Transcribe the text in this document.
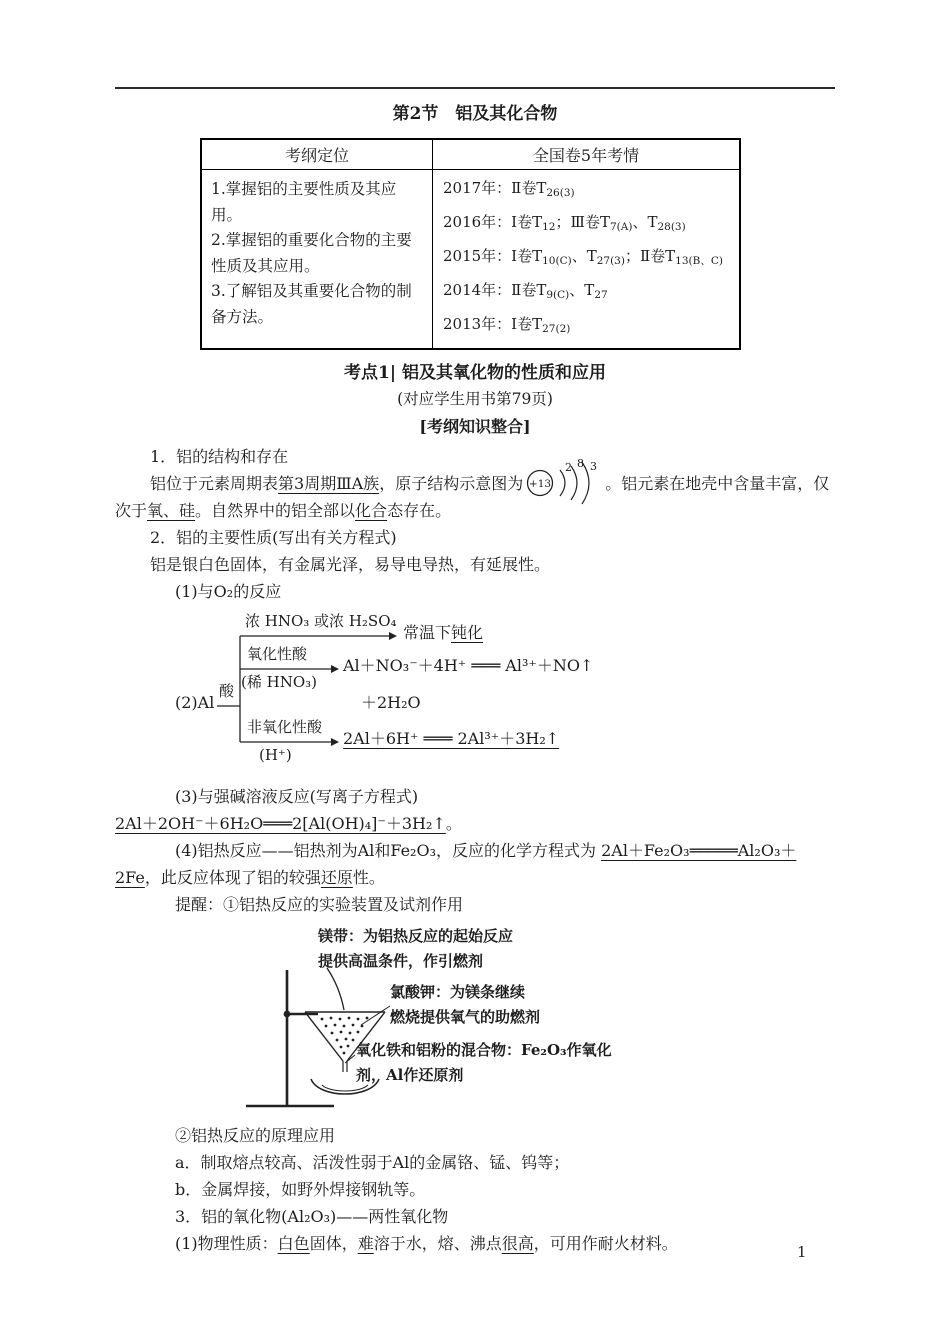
第2节　铝及其化合物
考纲定位	全国卷5年考情

1.掌握铝的主要性质及其应用。
2.掌握铝的重要化合物的主要性质及其应用。
3.了解铝及其重要化合物的制备方法。

2017年：Ⅱ卷$T_{26(3)}$
2016年：Ⅰ卷$T_{12}$；Ⅲ卷$T_{7(A)}$、$T_{28(3)}$
2015年：Ⅰ卷$T_{10(C)}$、$T_{27(3)}$；Ⅱ卷$T_{13(B、C)}$
2014年：Ⅱ卷$T_{9(C)}$、$T_{27}$
2013年：Ⅰ卷$T_{27(2)}$
考点1| 铝及其氧化物的性质和应用
(对应学生用书第79页)
[考纲知识整合]

1．铝的结构和存在

铝位于元素周期表第3周期ⅢA族，原子结构示意图为 +13
2 8 3
。铝元素在地壳中含量丰富，仅次于氧、硅。自然界中的铝全部以化合态存在。

2．铝的主要性质(写出有关方程式)

铝是银白色固体，有金属光泽，易导电导热，有延展性。

(1)与O₂的反应

(2)Al
酸
浓 HNO₃ 或浓 H₂SO₄
常温下钝化
氧化性酸
(稀 HNO₃)
Al＋NO₃⁻＋4H⁺ ═══ Al³⁺＋NO↑
＋2H₂O
非氧化性酸
(H⁺)
2Al＋6H⁺ ═══ 2Al³⁺＋3H₂↑

(3)与强碱溶液反应(写离子方程式)

2Al＋2OH⁻＋6H₂O═══2[Al(OH)₄]⁻＋3H₂↑。

(4)铝热反应——铝热剂为Al和Fe₂O₃，反应的化学方程式为 2Al＋Fe₂O₃═════Al₂O₃＋2Fe，此反应体现了铝的较强还原性。

提醒：①铝热反应的实验装置及试剂作用

镁带：为铝热反应的起始反应
提供高温条件，作引燃剂
氯酸钾：为镁条继续
燃烧提供氧气的助燃剂
氧化铁和铝粉的混合物：Fe₂O₃作氧化
剂，Al作还原剂

②铝热反应的原理应用

a．制取熔点较高、活泼性弱于Al的金属铬、锰、钨等；

b．金属焊接，如野外焊接钢轨等。

3．铝的氧化物(Al₂O₃)——两性氧化物

(1)物理性质：白色固体，难溶于水，熔、沸点很高，可用作耐火材料。	1
